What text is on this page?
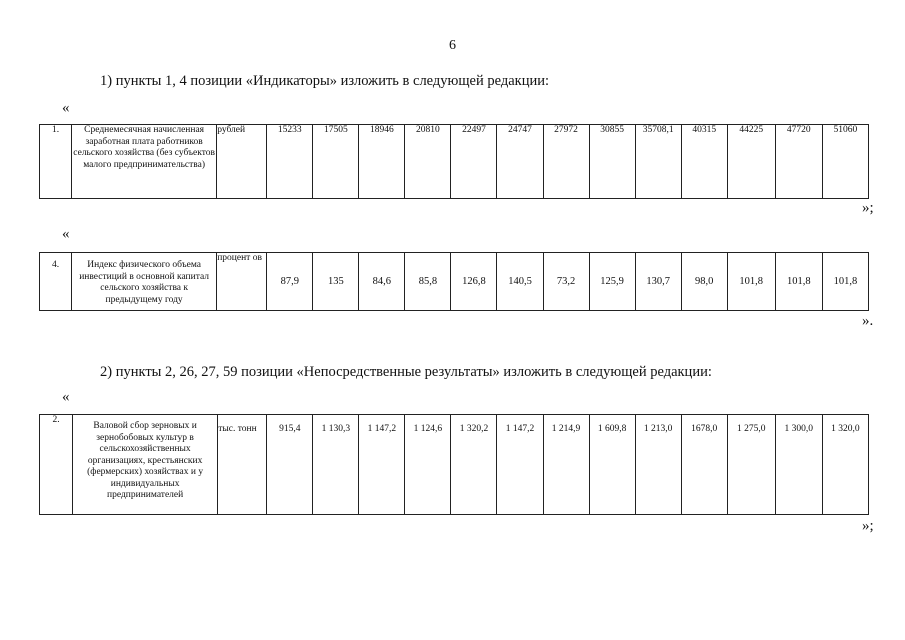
6
1) пункты 1, 4 позиции «Индикаторы» изложить в следующей редакции:
«
1.	Среднемесячная начисленная заработная плата работников сельского хозяйства (без субъектов малого предпринимательства)	рублей	15233	17505	18946	20810	22497	24747	27972	30855	35708,1	40315	44225	47720	51060
»;
«
4.	Индекс физического объема инвестиций в основной капитал сельского хозяйства к предыдущему году	процент ов	87,9	135	84,6	85,8	126,8	140,5	73,2	125,9	130,7	98,0	101,8	101,8	101,8
».
2) пункты 2, 26, 27, 59 позиции «Непосредственные результаты» изложить в следующей редакции:
«
2.	Валовой сбор зерновых и зернобобовых культур в сельскохозяйственных организациях, крестьянских (фермерских) хозяйствах и у индивидуальных предпринимателей	тыс. тонн	915,4	1 130,3	1 147,2	1 124,6	1 320,2	1 147,2	1 214,9	1 609,8	1 213,0	1678,0	1 275,0	1 300,0	1 320,0
»;
